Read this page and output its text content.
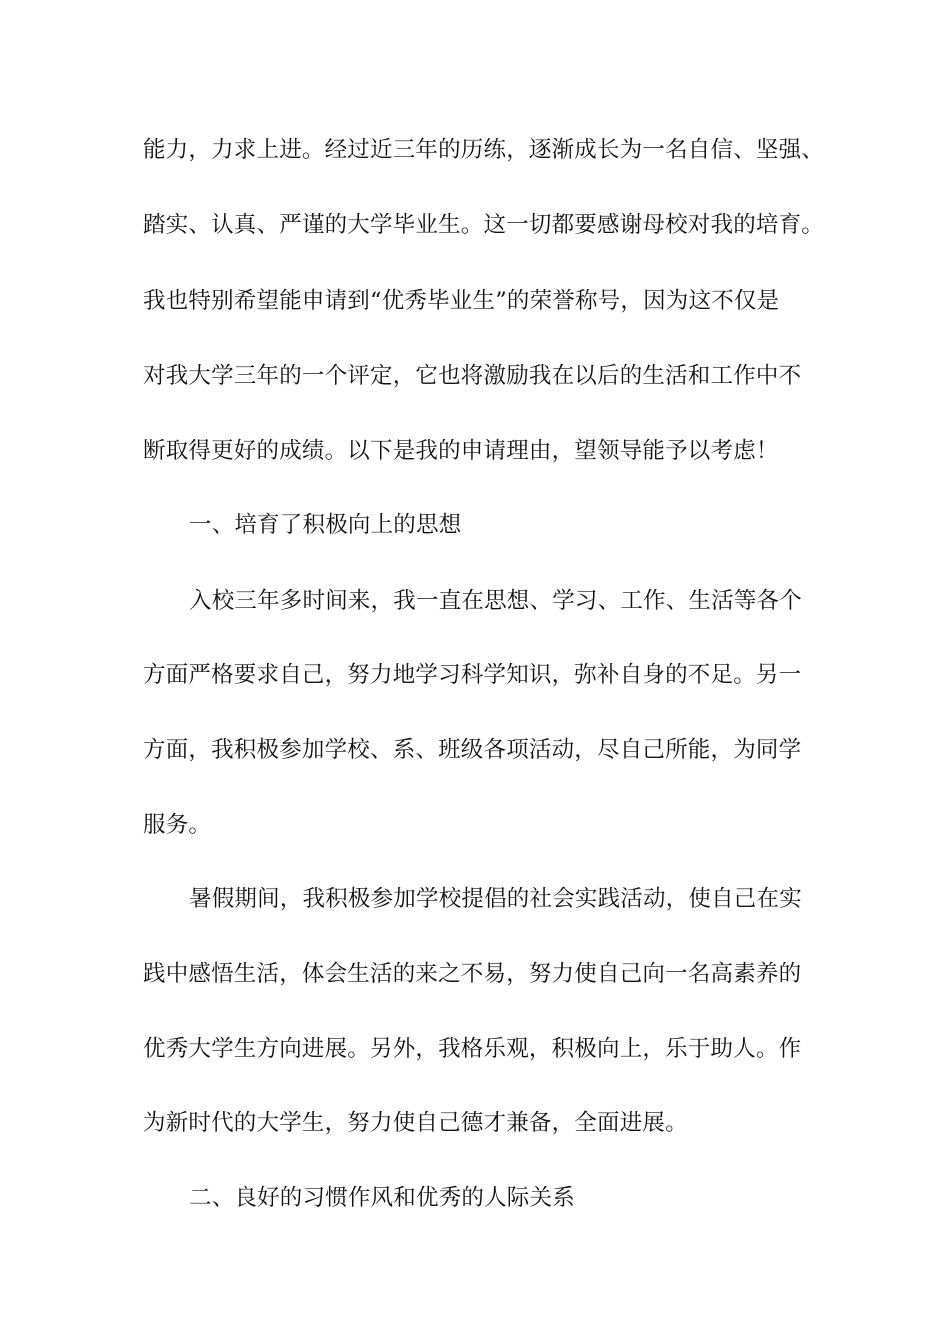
能力，力求上进。经过近三年的历练，逐渐成长为一名自信、坚强、
踏实、认真、严谨的大学毕业生。这一切都要感谢母校对我的培育。
我也特别希望能申请到“优秀毕业生”的荣誉称号，因为这不仅是
对我大学三年的一个评定，它也将激励我在以后的生活和工作中不
断取得更好的成绩。以下是我的申请理由，望领导能予以考虑！
一、培育了积极向上的思想
入校三年多时间来，我一直在思想、学习、工作、生活等各个
方面严格要求自己，努力地学习科学知识，弥补自身的不足。另一
方面，我积极参加学校、系、班级各项活动，尽自己所能，为同学
服务。
暑假期间，我积极参加学校提倡的社会实践活动，使自己在实
践中感悟生活，体会生活的来之不易，努力使自己向一名高素养的
优秀大学生方向进展。另外，我格乐观，积极向上，乐于助人。作
为新时代的大学生，努力使自己德才兼备，全面进展。
二、良好的习惯作风和优秀的人际关系
